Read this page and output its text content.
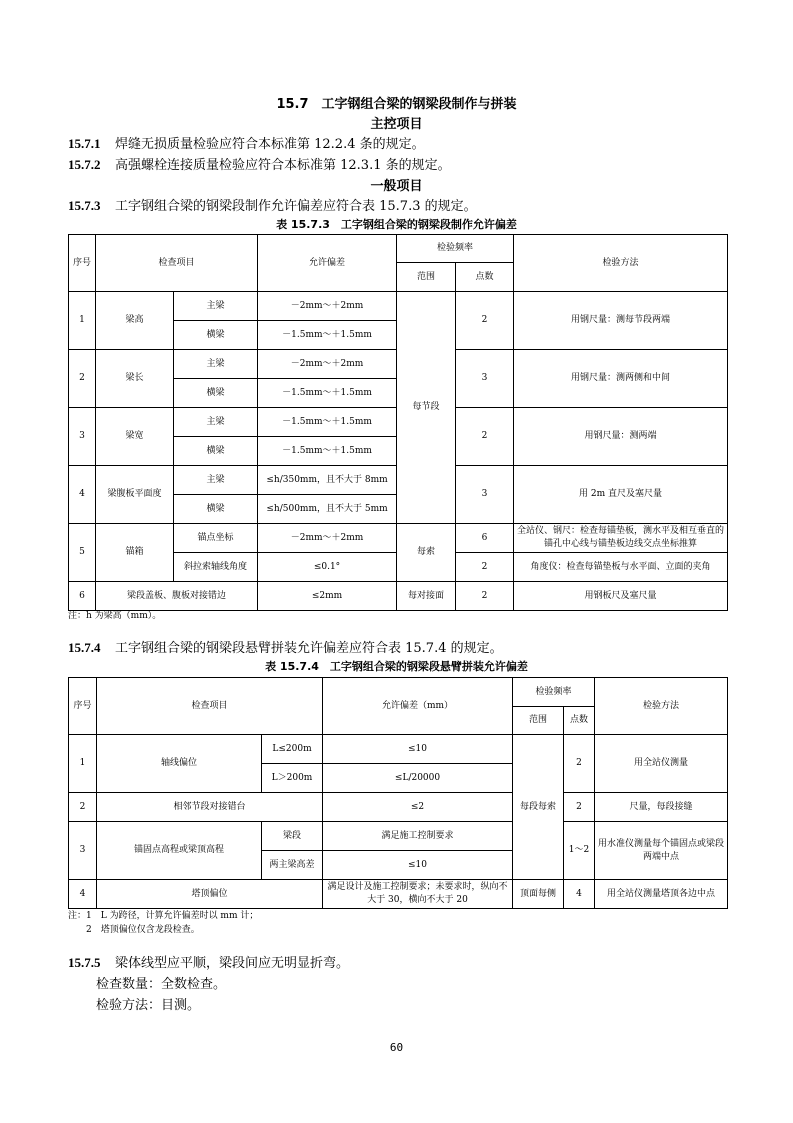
15.7　 工字钢组合梁的钢梁段制作与拼装
主控项目
15.7.1 焊缝无损质量检验应符合本标准第 12.2.4 条的规定。
15.7.2 高强螺栓连接质量检验应符合本标准第 12.3.1 条的规定。
一般项目
15.7.3 工字钢组合梁的钢梁段制作允许偏差应符合表 15.7.3 的规定。
表 15.7.3　工字钢组合梁的钢梁段制作允许偏差
序号	检查项目		允许偏差	检验频率		检验方法
				范围	点数	
1	梁高	主梁	－2mm～＋2mm	每节段	2	用钢尺量：测每节段两端
		横梁	－1.5mm～＋1.5mm			
2	梁长	主梁	－2mm～＋2mm		3	用钢尺量：测两侧和中间
		横梁	－1.5mm～＋1.5mm			
3	梁宽	主梁	－1.5mm～＋1.5mm		2	用钢尺量：测两端
		横梁	－1.5mm～＋1.5mm			
4	梁腹板平面度	主梁	≤h/350mm，且不大于 8mm		3	用 2m 直尺及塞尺量
		横梁	≤h/500mm，且不大于 5mm			
5	锚箱	锚点坐标	－2mm～＋2mm	每索	6	全站仪、钢尺：检查每锚垫板，测水平及相互垂直的锚孔中心线与锚垫板边线交点坐标推算
		斜拉索轴线角度	≤0.1°		2	角度仪：检查每锚垫板与水平面、立面的夹角
6	梁段盖板、腹板对接错边		≤2mm	每对接面	2	用钢板尺及塞尺量
注：h 为梁高（mm）。
15.7.4 工字钢组合梁的钢梁段悬臂拼装允许偏差应符合表 15.7.4 的规定。
表 15.7.4　工字钢组合梁的钢梁段悬臂拼装允许偏差
序号	检查项目		允许偏差（mm）	检验频率		检验方法
				范围	点数	
1	轴线偏位	L≤200m	≤10	每段每索	2	用全站仪测量
		L＞200m	≤L/20000			
2	相邻节段对接错台		≤2		2	尺量，每段接缝
3	锚固点高程或梁顶高程	梁段	满足施工控制要求		1～2	用水准仪测量每个锚固点或梁段两端中点
		两主梁高差	≤10			
4	塔顶偏位		满足设计及施工控制要求；未要求时，纵向不大于 30，横向不大于 20	顶面每侧	4	用全站仪测量塔顶各边中点
注：1　L 为跨径，计算允许偏差时以 mm 计；
　　2　塔顶偏位仅含龙段检查。
15.7.5 梁体线型应平顺，梁段间应无明显折弯。
检查数量：全数检查。
检验方法：目测。
60
